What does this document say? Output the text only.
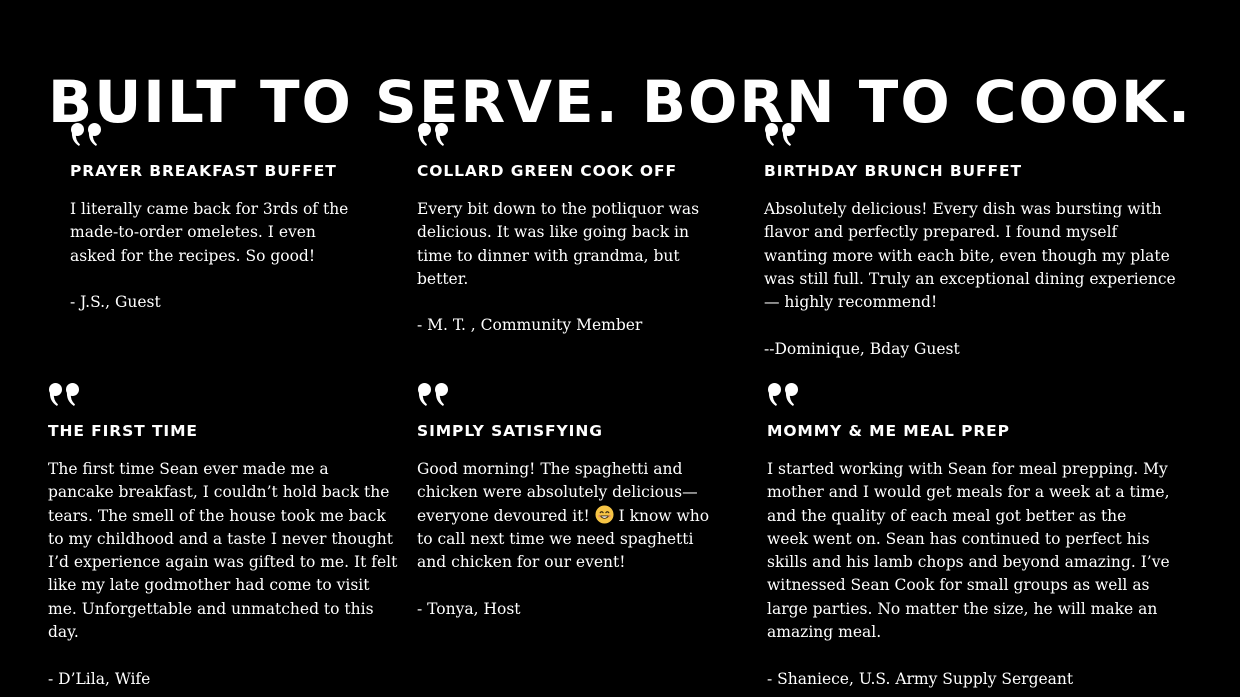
BUILT TO SERVE. BORN TO COOK.
PRAYER BREAKFAST BUFFET

I literally came back for 3rds of the made-to-order omeletes. I even asked for the recipes. So good!

- J.S., Guest

COLLARD GREEN COOK OFF

Every bit down to the potliquor was delicious. It was like going back in time to dinner with grandma, but better.

- M. T. , Community Member

BIRTHDAY BRUNCH BUFFET

Absolutely delicious! Every dish was bursting with flavor and perfectly prepared. I found myself wanting more with each bite, even though my plate was still full. Truly an exceptional dining experience — highly recommend!

--Dominique, Bday Guest

THE FIRST TIME

The first time Sean ever made me a pancake breakfast, I couldn’t hold back the tears. The smell of the house took me back to my childhood and a taste I never thought I’d experience again was gifted to me. It felt like my late godmother had come to visit me. Unforgettable and unmatched to this day.

- D’Lila, Wife

SIMPLY SATISFYING

Good morning! The spaghetti and chicken were absolutely delicious—everyone devoured it!  I know who to call next time we need spaghetti and chicken for our event!

- Tonya, Host

MOMMY & ME MEAL PREP

I started working with Sean for meal prepping. My mother and I would get meals for a week at a time, and the quality of each meal got better as the week went on. Sean has continued to perfect his skills and his lamb chops and beyond amazing. I’ve witnessed Sean Cook for small groups as well as large parties. No matter the size, he will make an amazing meal.

- Shaniece, U.S. Army Supply Sergeant
